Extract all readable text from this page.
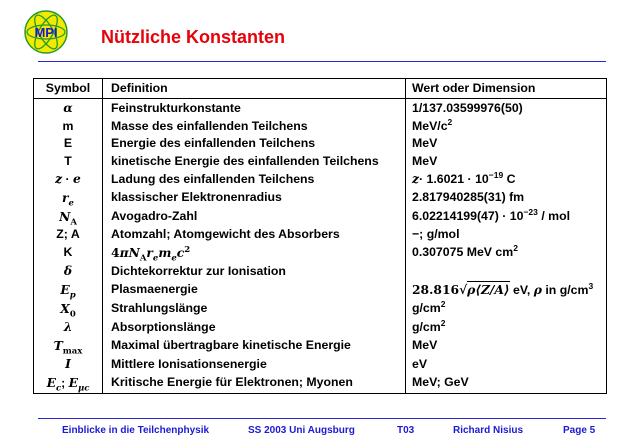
MPI Nützliche Konstanten
Symbol	Definition	Wert oder Dimension
α	Feinstrukturkonstante	1/137.03599976(50)
m	Masse des einfallenden Teilchens	MeV/$c^2$
E	Energie des einfallenden Teilchens	MeV
T	kinetische Energie des einfallenden Teilchens	MeV
z · e	Ladung des einfallenden Teilchens	$z\cdot 1.6021 \cdot 10^{-19}$ C
$r_e$	klassischer Elektronenradius	2.817940285(31) fm
$N_A$	Avogadro-Zahl	$6.02214199(47) \cdot 10^{-23}$ / mol
Z; A	Atomzahl; Atomgewicht des Absorbers	−; g/mol
K	$4\pi N_Ar_em_ec^2$	0.307075 MeV $cm^2$
δ	Dichtekorrektur zur Ionisation	
$E_p$	Plasmaenergie	28.816√ρ⟨Z/A⟩ eV, ρ in $g/cm^3$
$X_0$	Strahlungslänge	$g/cm^2$
λ	Absorptionslänge	$g/cm^2$
$T_{max}$	Maximal übertragbare kinetische Energie	MeV
I	Mittlere Ionisationsenergie	eV
$E_c$; $E_{\mu c}$	Kritische Energie für Elektronen; Myonen	MeV; GeV
Einblicke in die Teilchenphysik	SS 2003 Uni Augsburg	T03	Richard Nisius	Page 5
